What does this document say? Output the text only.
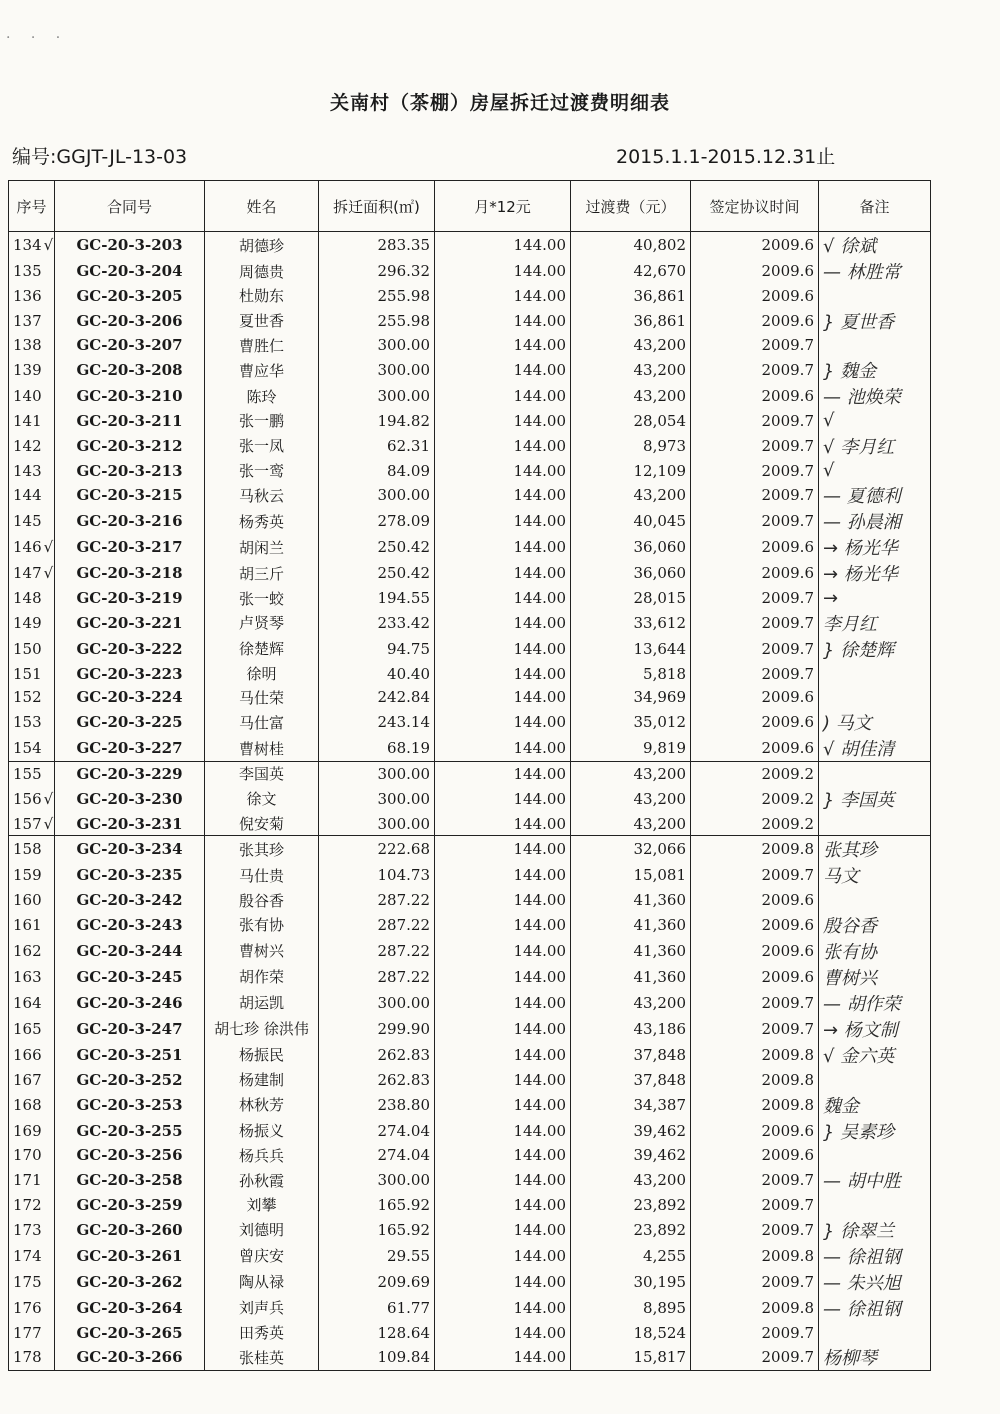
· · ·
关南村（茶棚）房屋拆迁过渡费明细表
编号:GGJT-JL-13-03	2015.1.1-2015.12.31止
序号	合同号	姓名	拆迁面积(㎡)	月*12元	过渡费（元）	签定协议时间	备注
134 √	GC-20-3-203	胡德珍	283.35	144.00	40,802	2009.6	√ 徐斌
135	GC-20-3-204	周德贵	296.32	144.00	42,670	2009.6	— 林胜常
136	GC-20-3-205	杜勋东	255.98	144.00	36,861	2009.6	
137	GC-20-3-206	夏世香	255.98	144.00	36,861	2009.6	} 夏世香
138	GC-20-3-207	曹胜仁	300.00	144.00	43,200	2009.7	
139	GC-20-3-208	曹应华	300.00	144.00	43,200	2009.7	} 魏金
140	GC-20-3-210	陈玲	300.00	144.00	43,200	2009.6	— 池焕荣
141	GC-20-3-211	张一鹏	194.82	144.00	28,054	2009.7	√
142	GC-20-3-212	张一凤	62.31	144.00	8,973	2009.7	√ 李月红
143	GC-20-3-213	张一鸾	84.09	144.00	12,109	2009.7	√
144	GC-20-3-215	马秋云	300.00	144.00	43,200	2009.7	— 夏德利
145	GC-20-3-216	杨秀英	278.09	144.00	40,045	2009.7	— 孙晨湘
146 √	GC-20-3-217	胡闲兰	250.42	144.00	36,060	2009.6	→ 杨光华
147 √	GC-20-3-218	胡三斤	250.42	144.00	36,060	2009.6	→ 杨光华
148	GC-20-3-219	张一蛟	194.55	144.00	28,015	2009.7	→
149	GC-20-3-221	卢贤琴	233.42	144.00	33,612	2009.7	李月红
150	GC-20-3-222	徐楚辉	94.75	144.00	13,644	2009.7	} 徐楚辉
151	GC-20-3-223	徐明	40.40	144.00	5,818	2009.7	
152	GC-20-3-224	马仕荣	242.84	144.00	34,969	2009.6	
153	GC-20-3-225	马仕富	243.14	144.00	35,012	2009.6	) 马文
154	GC-20-3-227	曹树桂	68.19	144.00	9,819	2009.6	√ 胡佳清
155	GC-20-3-229	李国英	300.00	144.00	43,200	2009.2	
156 √	GC-20-3-230	徐文	300.00	144.00	43,200	2009.2	} 李国英
157 √	GC-20-3-231	倪安菊	300.00	144.00	43,200	2009.2	
158	GC-20-3-234	张其珍	222.68	144.00	32,066	2009.8	张其珍
159	GC-20-3-235	马仕贵	104.73	144.00	15,081	2009.7	马文
160	GC-20-3-242	殷谷香	287.22	144.00	41,360	2009.6	
161	GC-20-3-243	张有协	287.22	144.00	41,360	2009.6	殷谷香
162	GC-20-3-244	曹树兴	287.22	144.00	41,360	2009.6	张有协
163	GC-20-3-245	胡作荣	287.22	144.00	41,360	2009.6	曹树兴
164	GC-20-3-246	胡运凯	300.00	144.00	43,200	2009.7	— 胡作荣
165	GC-20-3-247	胡七珍 徐洪伟	299.90	144.00	43,186	2009.7	→ 杨文制
166	GC-20-3-251	杨振民	262.83	144.00	37,848	2009.8	√ 金六英
167	GC-20-3-252	杨建制	262.83	144.00	37,848	2009.8	
168	GC-20-3-253	林秋芳	238.80	144.00	34,387	2009.8	魏金
169	GC-20-3-255	杨振义	274.04	144.00	39,462	2009.6	} 吴素珍
170	GC-20-3-256	杨兵兵	274.04	144.00	39,462	2009.6	
171	GC-20-3-258	孙秋霞	300.00	144.00	43,200	2009.7	— 胡中胜
172	GC-20-3-259	刘攀	165.92	144.00	23,892	2009.7	
173	GC-20-3-260	刘德明	165.92	144.00	23,892	2009.7	} 徐翠兰
174	GC-20-3-261	曾庆安	29.55	144.00	4,255	2009.8	— 徐祖钢
175	GC-20-3-262	陶从禄	209.69	144.00	30,195	2009.7	— 朱兴旭
176	GC-20-3-264	刘声兵	61.77	144.00	8,895	2009.8	— 徐祖钢
177	GC-20-3-265	田秀英	128.64	144.00	18,524	2009.7	
178	GC-20-3-266	张桂英	109.84	144.00	15,817	2009.7	杨柳琴
